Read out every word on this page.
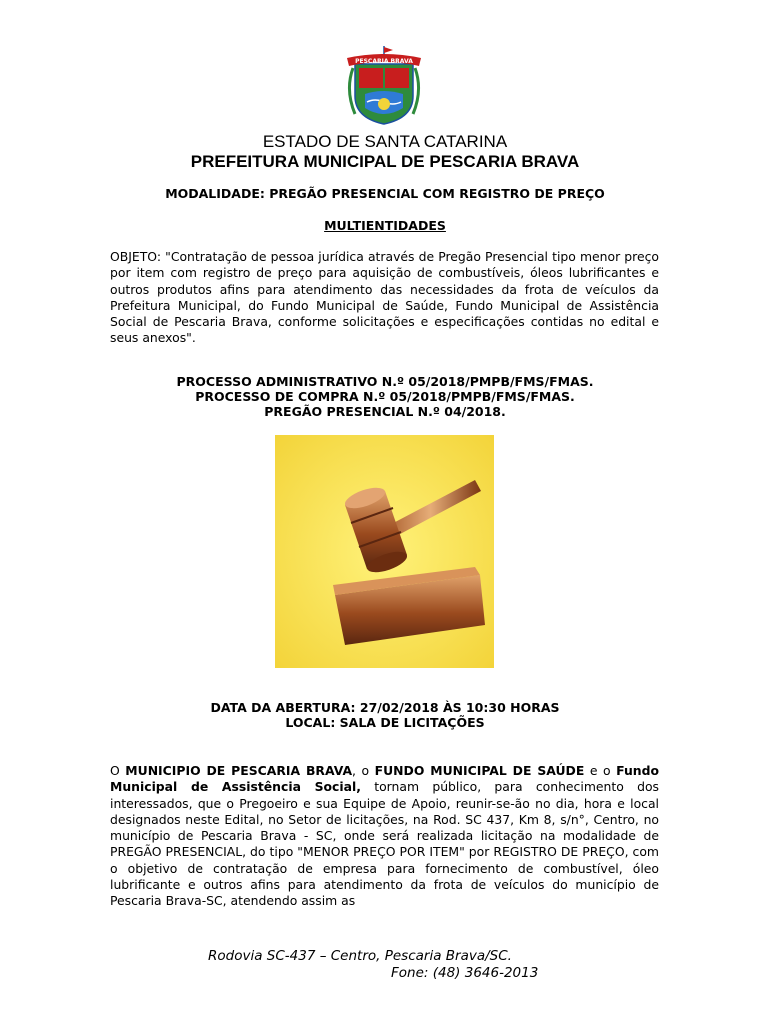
PESCARIA BRAVA
ESTADO DE SANTA CATARINA
PREFEITURA MUNICIPAL DE PESCARIA BRAVA
MODALIDADE: PREGÃO PRESENCIAL COM REGISTRO DE PREÇO
MULTIENTIDADES
OBJETO: "Contratação de pessoa jurídica através de Pregão Presencial tipo menor preço por item com registro de preço para aquisição de combustíveis, óleos lubrificantes e outros produtos afins para atendimento das necessidades da frota de veículos da Prefeitura Municipal, do Fundo Municipal de Saúde, Fundo Municipal de Assistência Social de Pescaria Brava, conforme solicitações e especificações contidas no edital e seus anexos".
PROCESSO ADMINISTRATIVO N.º 05/2018/PMPB/FMS/FMAS.
PROCESSO DE COMPRA N.º 05/2018/PMPB/FMS/FMAS.
PREGÃO PRESENCIAL N.º 04/2018.
DATA DA ABERTURA: 27/02/2018 ÀS 10:30 HORAS
LOCAL: SALA DE LICITAÇÕES
O MUNICIPIO DE PESCARIA BRAVA, o FUNDO MUNICIPAL DE SAÚDE e o Fundo Municipal de Assistência Social, tornam público, para conhecimento dos interessados, que o Pregoeiro e sua Equipe de Apoio, reunir-se-ão no dia, hora e local designados neste Edital, no Setor de licitações, na Rod. SC 437, Km 8, s/n°, Centro, no município de Pescaria Brava - SC, onde será realizada licitação na modalidade de PREGÃO PRESENCIAL, do tipo "MENOR PREÇO POR ITEM" por REGISTRO DE PREÇO, com o objetivo de contratação de empresa para fornecimento de combustível, óleo lubrificante e outros afins para atendimento da frota de veículos do município de Pescaria Brava-SC, atendendo assim as
Rodovia SC-437 – Centro, Pescaria Brava/SC.
Fone: (48) 3646-2013
